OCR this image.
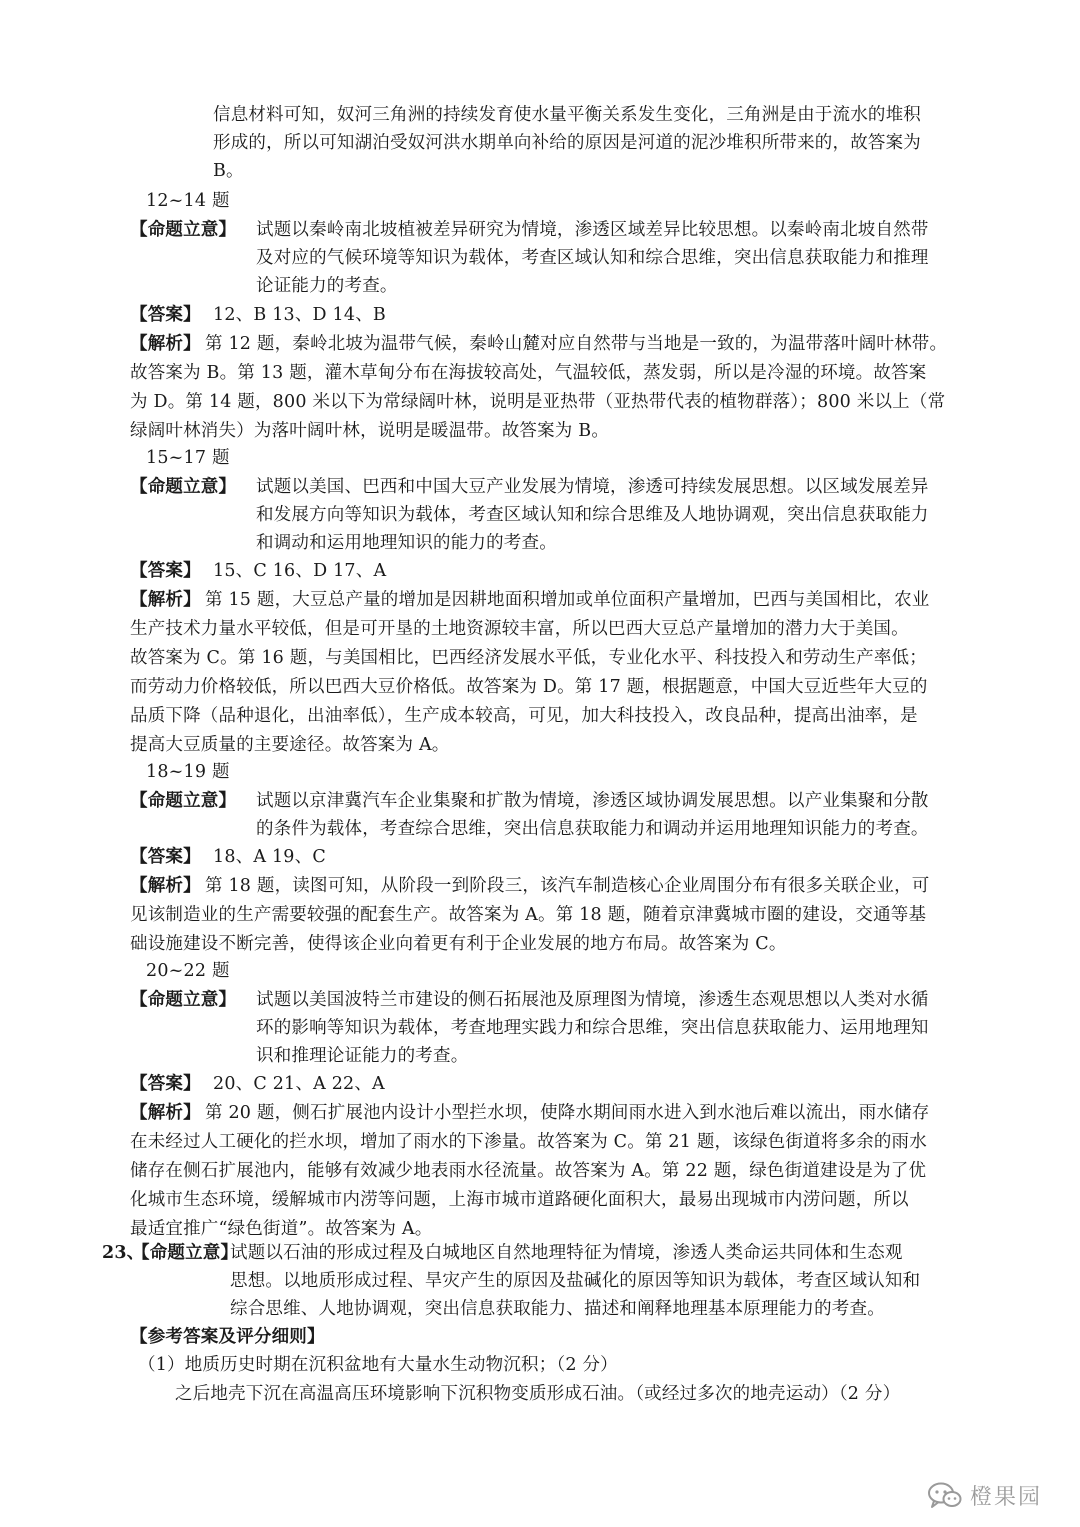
信息材料可知，奴河三角洲的持续发育使水量平衡关系发生变化，三角洲是由于流水的堆积
形成的，所以可知湖泊受奴河洪水期单向补给的原因是河道的泥沙堆积所带来的，故答案为
B。
12~14 题
【命题立意】 试题以秦岭南北坡植被差异研究为情境，渗透区域差异比较思想。以秦岭南北坡自然带
及对应的气候环境等知识为载体，考查区域认知和综合思维，突出信息获取能力和推理
论证能力的考查。
【答案】 12、B 13、D 14、B
【解析】 第 12 题，秦岭北坡为温带气候，秦岭山麓对应自然带与当地是一致的，为温带落叶阔叶林带。
故答案为 B。第 13 题，灌木草甸分布在海拔较高处，气温较低，蒸发弱，所以是冷湿的环境。故答案
为 D。第 14 题，800 米以下为常绿阔叶林，说明是亚热带（亚热带代表的植物群落）；800 米以上（常
绿阔叶林消失）为落叶阔叶林，说明是暖温带。故答案为 B。
15~17 题
【命题立意】 试题以美国、巴西和中国大豆产业发展为情境，渗透可持续发展思想。以区域发展差异
和发展方向等知识为载体，考查区域认知和综合思维及人地协调观，突出信息获取能力
和调动和运用地理知识的能力的考查。
【答案】 15、C 16、D 17、A
【解析】 第 15 题，大豆总产量的增加是因耕地面积增加或单位面积产量增加，巴西与美国相比，农业
生产技术力量水平较低，但是可开垦的土地资源较丰富，所以巴西大豆总产量增加的潜力大于美国。
故答案为 C。第 16 题，与美国相比，巴西经济发展水平低，专业化水平、科技投入和劳动生产率低；
而劳动力价格较低，所以巴西大豆价格低。故答案为 D。第 17 题，根据题意，中国大豆近些年大豆的
品质下降（品种退化，出油率低），生产成本较高，可见，加大科技投入，改良品种，提高出油率，是
提高大豆质量的主要途径。故答案为 A。
18~19 题
【命题立意】 试题以京津冀汽车企业集聚和扩散为情境，渗透区域协调发展思想。以产业集聚和分散
的条件为载体，考查综合思维，突出信息获取能力和调动并运用地理知识能力的考查。
【答案】 18、A 19、C
【解析】 第 18 题，读图可知，从阶段一到阶段三，该汽车制造核心企业周围分布有很多关联企业，可
见该制造业的生产需要较强的配套生产。故答案为 A。第 18 题，随着京津冀城市圈的建设，交通等基
础设施建设不断完善，使得该企业向着更有利于企业发展的地方布局。故答案为 C。
20~22 题
【命题立意】 试题以美国波特兰市建设的侧石拓展池及原理图为情境，渗透生态观思想以人类对水循
环的影响等知识为载体，考查地理实践力和综合思维，突出信息获取能力、运用地理知
识和推理论证能力的考查。
【答案】 20、C 21、A 22、A
【解析】 第 20 题，侧石扩展池内设计小型拦水坝，使降水期间雨水进入到水池后难以流出，雨水储存
在未经过人工硬化的拦水坝，增加了雨水的下渗量。故答案为 C。第 21 题，该绿色街道将多余的雨水
储存在侧石扩展池内，能够有效减少地表雨水径流量。故答案为 A。第 22 题，绿色街道建设是为了优
化城市生态环境，缓解城市内涝等问题，上海市城市道路硬化面积大，最易出现城市内涝问题，所以
最适宜推广“绿色街道”。故答案为 A。
23、
【命题立意】
试题以石油的形成过程及白城地区自然地理特征为情境，渗透人类命运共同体和生态观
思想。以地质形成过程、旱灾产生的原因及盐碱化的原因等知识为载体，考查区域认知和
综合思维、人地协调观，突出信息获取能力、描述和阐释地理基本原理能力的考查。
【参考答案及评分细则】
（1）地质历史时期在沉积盆地有大量水生动物沉积；（2 分）
之后地壳下沉在高温高压环境影响下沉积物变质形成石油。（或经过多次的地壳运动）（2 分）
橙果园
